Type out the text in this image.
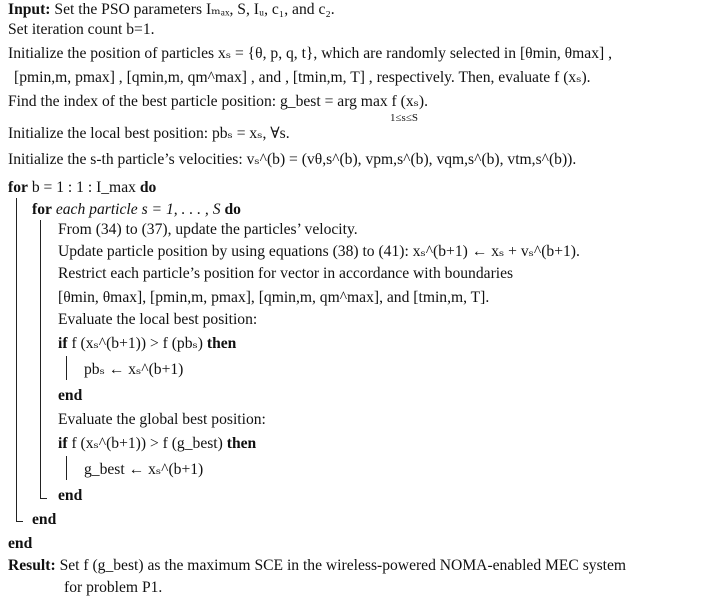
Input: Set the PSO parameters Iₘₐₓ, S, Iᵤ, c₁, and c₂.
Set iteration count b=1.
Initialize the position of particles xₛ = {θ, p, q, t}, which are randomly selected in [θmin, θmax] ,
[pmin,m, pmax] , [qmin,m, qm^max] , and , [tmin,m, T] , respectively. Then, evaluate f (xₛ).
Find the index of the best particle position: g_best = arg max f (xₛ).
1≤s≤S
Initialize the local best position: pbₛ = xₛ, ∀s.
Initialize the s-th particle’s velocities: vₛ^(b) = (vθ,s^(b), vpm,s^(b), vqm,s^(b), vtm,s^(b)).
for b = 1 : 1 : I_max do
for each particle s = 1, . . . , S do
From (34) to (37), update the particles’ velocity.
Update particle position by using equations (38) to (41): xₛ^(b+1) ← xₛ + vₛ^(b+1).
Restrict each particle’s position for vector in accordance with boundaries
[θmin, θmax], [pmin,m, pmax], [qmin,m, qm^max], and [tmin,m, T].
Evaluate the local best position:
if f (xₛ^(b+1)) > f (pbₛ) then
pbₛ ← xₛ^(b+1)
end
Evaluate the global best position:
if f (xₛ^(b+1)) > f (g_best) then
g_best ← xₛ^(b+1)
end
end
end
Result: Set f (g_best) as the maximum SCE in the wireless-powered NOMA-enabled MEC system
for problem P1.
